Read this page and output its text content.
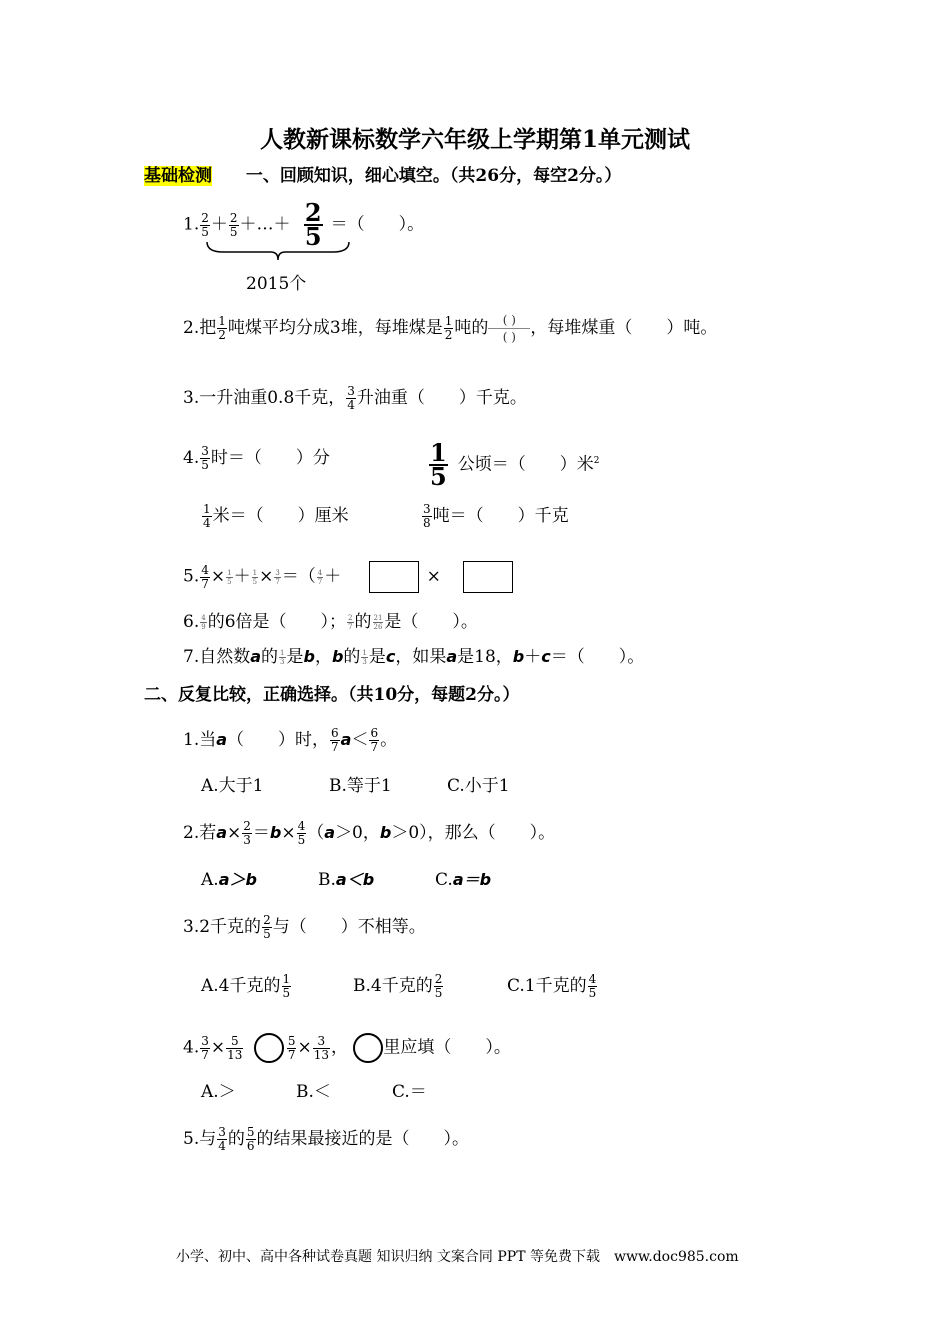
人教新课标数学六年级上学期第1单元测试
基础检测 一、回顾知识，细心填空。（共26分，每空2分。）
1. $\frac{2}{5} + \frac{2}{5}$ ＋…＋ $\frac{2}{5}$ ＝（　　）。
2015个
2.把 $\frac{1}{2}$ 吨煤平均分成3堆，每堆煤是 $\frac{1}{2}$ 吨的 $\frac{( )}{( )}$ ，每堆煤重（　　）吨。
3.一升油重0.8千克， $\frac{3}{4}$ 升油重（　　）千克。
4. $\frac{3}{5}$ 时＝（　　）分	$\frac{1}{5}$ 公顷＝（　　）米$^2$
$\frac{1}{4}$ 米＝（　　）厘米	$\frac{3}{8}$ 吨＝（　　）千克
5. $\frac{4}{7} \times \frac{1}{5} + \frac{1}{5} \times \frac{3}{7}$ ＝（ $\frac{4}{7}$ ＋	×
6. $\frac{4}{9}$ 的6倍是（　　）； $\frac{2}{7}$ 的 $\frac{21}{26}$ 是（　　）。
7.自然数a的 $\frac{1}{3}$ 是b，b的 $\frac{1}{3}$ 是c，如果a是18，b＋c＝（　　）。
二、反复比较，正确选择。（共10分，每题2分。）
1.当a（　　）时， $\frac{6}{7} a< \frac{6}{7}$ 。
A.大于1	B.等于1	C.小于1
2.若$a\times \frac{2}{3} =b\times \frac{4}{5} (a>0$，b＞0），那么（　　）。
A.a＞b	B.a＜b	C.a＝b
3.2千克的 $\frac{2}{5}$ 与（　　）不相等。
A.4千克的 $\frac{1}{5}$	B.4千克的 $\frac{2}{5}$	C.1千克的 $\frac{4}{5}$
4. $\frac{3}{7} \times \frac{5}{13}$
	$\frac{5}{7} \times \frac{3}{13}$ ， 里应填（　　）。
A.＞	B.＜	C.＝
5.与 $\frac{3}{4}$ 的 $\frac{5}{6}$ 的结果最接近的是（　　）。
小学、初中、高中各种试卷真题 知识归纳 文案合同 PPT 等免费下载　www.doc985.com
